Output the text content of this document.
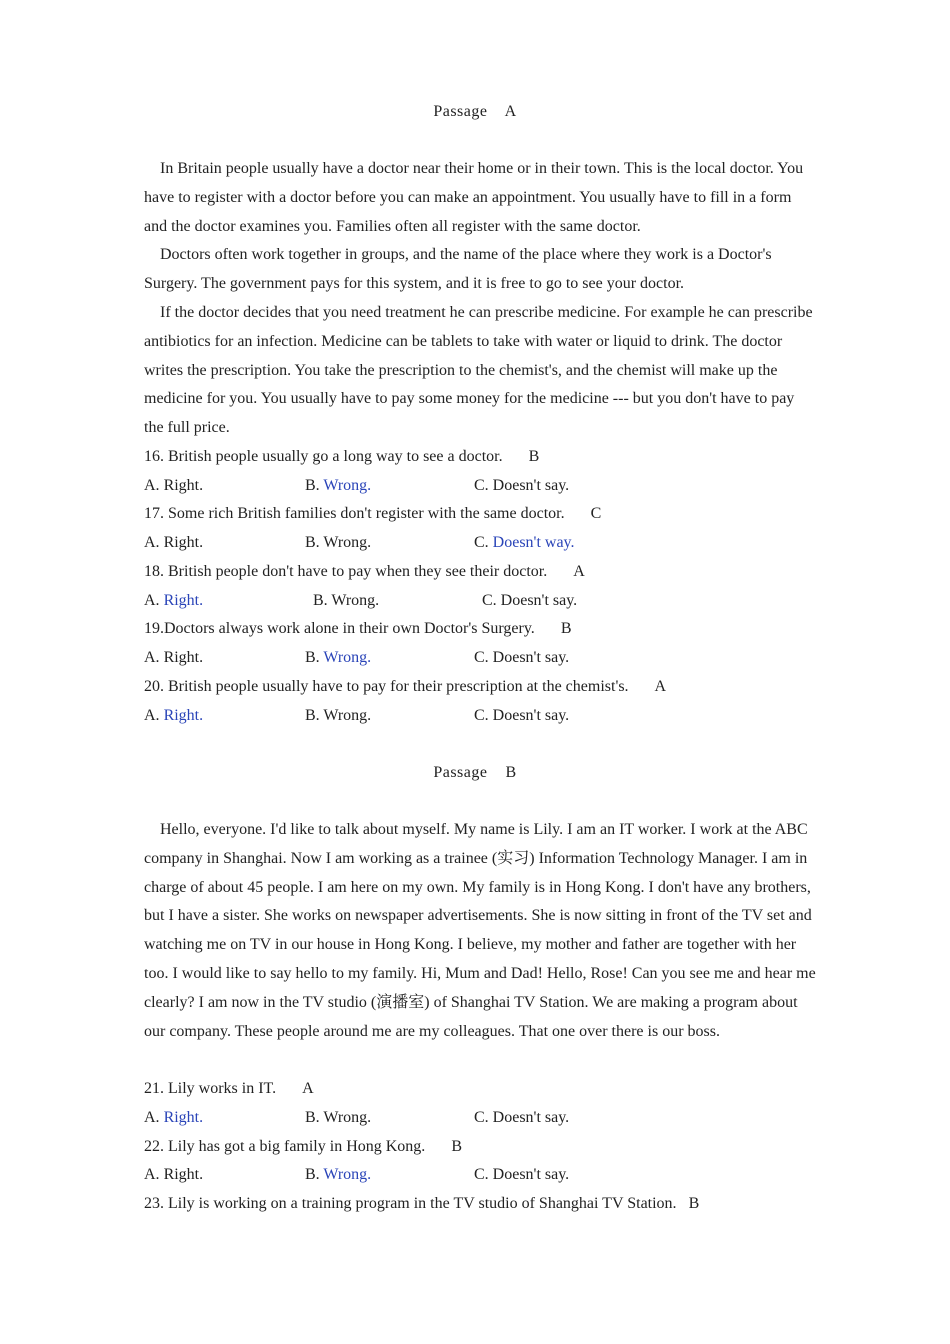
Passage    A

In Britain people usually have a doctor near their home or in their town. This is the local doctor. You have to register with a doctor before you can make an appointment. You usually have to fill in a form and the doctor examines you. Families often all register with the same doctor.

Doctors often work together in groups, and the name of the place where they work is a Doctor's Surgery. The government pays for this system, and it is free to go to see your doctor.

If the doctor decides that you need treatment he can prescribe medicine. For example he can prescribe antibiotics for an infection. Medicine can be tablets to take with water or liquid to drink. The doctor writes the prescription. You take the prescription to the chemist's, and the chemist will make up the medicine for you. You usually have to pay some money for the medicine --- but you don't have to pay the full price.

16. British people usually go a long way to see a doctor. B
A. Right.	B. Wrong.	C. Doesn't say.
17. Some rich British families don't register with the same doctor. C
A. Right.	B. Wrong.	C. Doesn't way.
18. British people don't have to pay when they see their doctor. A
A. Right.	B. Wrong.	C. Doesn't say.
19.Doctors always work alone in their own Doctor's Surgery. B
A. Right.	B. Wrong.	C. Doesn't say.
20. British people usually have to pay for their prescription at the chemist's. A
A. Right.	B. Wrong.	C. Doesn't say.
Passage    B

Hello, everyone. I'd like to talk about myself. My name is Lily. I am an IT worker. I work at the ABC company in Shanghai. Now I am working as a trainee (实习) Information Technology Manager. I am in charge of about 45 people. I am here on my own. My family is in Hong Kong. I don't have any brothers, but I have a sister. She works on newspaper advertisements. She is now sitting in front of the TV set and watching me on TV in our house in Hong Kong. I believe, my mother and father are together with her too. I would like to say hello to my family. Hi, Mum and Dad! Hello, Rose! Can you see me and hear me clearly? I am now in the TV studio (演播室) of Shanghai TV Station. We are making a program about our company. These people around me are my colleagues. That one over there is our boss.

21. Lily works in IT. A
A. Right.	B. Wrong.	C. Doesn't say.
22. Lily has got a big family in Hong Kong. B
A. Right.	B. Wrong.	C. Doesn't say.
23. Lily is working on a training program in the TV studio of Shanghai TV Station. B
